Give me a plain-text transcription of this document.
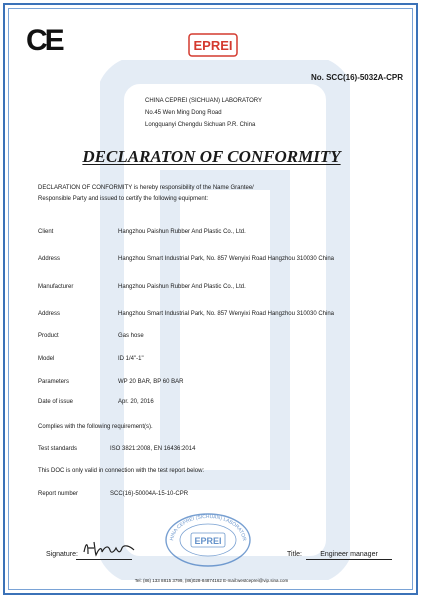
CE	EPREI
No. SCC(16)-5032A-CPR
CHINA CEPREI (SICHUAN) LABORATORY
No.45 Wen Ming Dong Road
Longquanyi Chengdu Sichuan P.R. China
DECLARATON OF CONFORMITY
DECLARATION OF CONFORMITY is hereby responsibility of the Name Grantee/
Responsible Party and issued to certify the following equipment:
Client	Hangzhou Paishun Rubber And Plastic Co., Ltd.
Address	Hangzhou Smart Industrial Park, No. 857 Wenyixi Road Hangzhou 310030 China
Manufacturer	Hangzhou Paishun Rubber And Plastic Co., Ltd.
Address	Hangzhou Smart Industrial Park, No. 857 Wenyixi Road Hangzhou 310030 China
Product	Gas hose
Model	ID 1/4"-1"
Parameters	WP 20 BAR, BP 60 BAR
Date of issue	Apr. 20, 2016
Complies with the following requirement(s).
Test standards	ISO 3821:2008, EN 16436:2014
This DOC is only valid in connection with the test report below:
Report number	SCC(16)-50004A-15-10-CPR
HINA CEPREI (SICHUAN) LABORATOR
EPREI
Signature:	Title:	Engineer manager
Tel: (86) 133 8815 3799, (86)028-84874162 E-mail:westceprei@vip.sina.com
